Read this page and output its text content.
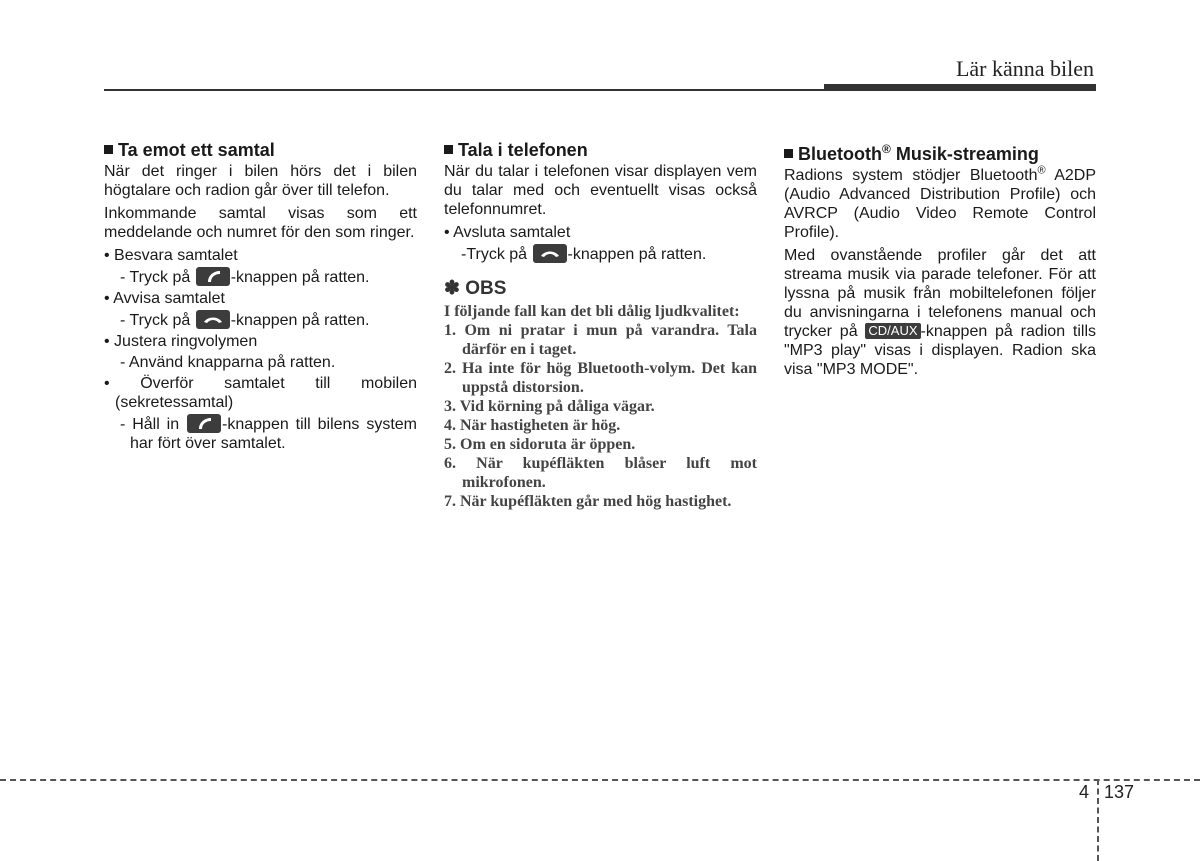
Lär känna bilen
Ta emot ett samtal

När det ringer i bilen hörs det i bilen högtalare och radion går över till telefon.

Inkommande samtal visas som ett meddelande och numret för den som ringer.

• Besvara samtalet
- Tryck på
-knappen på ratten.
• Avvisa samtalet
- Tryck på
-knappen på ratten.
• Justera ringvolymen
- Använd knapparna på ratten.
• Överför samtalet till mobilen (sekretessamtal)
- Håll in
-knappen till bilens system har fört över samtalet.
Tala i telefonen

När du talar i telefonen visar displayen vem du talar med och eventuellt visas också telefonnumret.

• Avsluta samtalet
-Tryck på
-knappen på ratten.
✽ OBS

I följande fall kan det bli dålig ljudkvalitet:

1. Om ni pratar i mun på varandra. Tala därför en i taget.

2. Ha inte för hög Bluetooth-volym. Det kan uppstå distorsion.

3. Vid körning på dåliga vägar.

4. När hastigheten är hög.

5. Om en sidoruta är öppen.

6. När kupéfläkten blåser luft mot mikrofonen.

7. När kupéfläkten går med hög hastighet.

Bluetooth® Musik-streaming

Radions system stödjer Bluetooth® A2DP (Audio Advanced Distribution Profile) och AVRCP (Audio Video Remote Control Profile).

Med ovanstående profiler går det att streama musik via parade telefoner. För att lyssna på musik från mobiltelefonen följer du anvisningarna i telefonens manual och trycker på CD/AUX -knappen på radion tills "MP3 play" visas i displayen. Radion ska visa "MP3 MODE".

4 137
